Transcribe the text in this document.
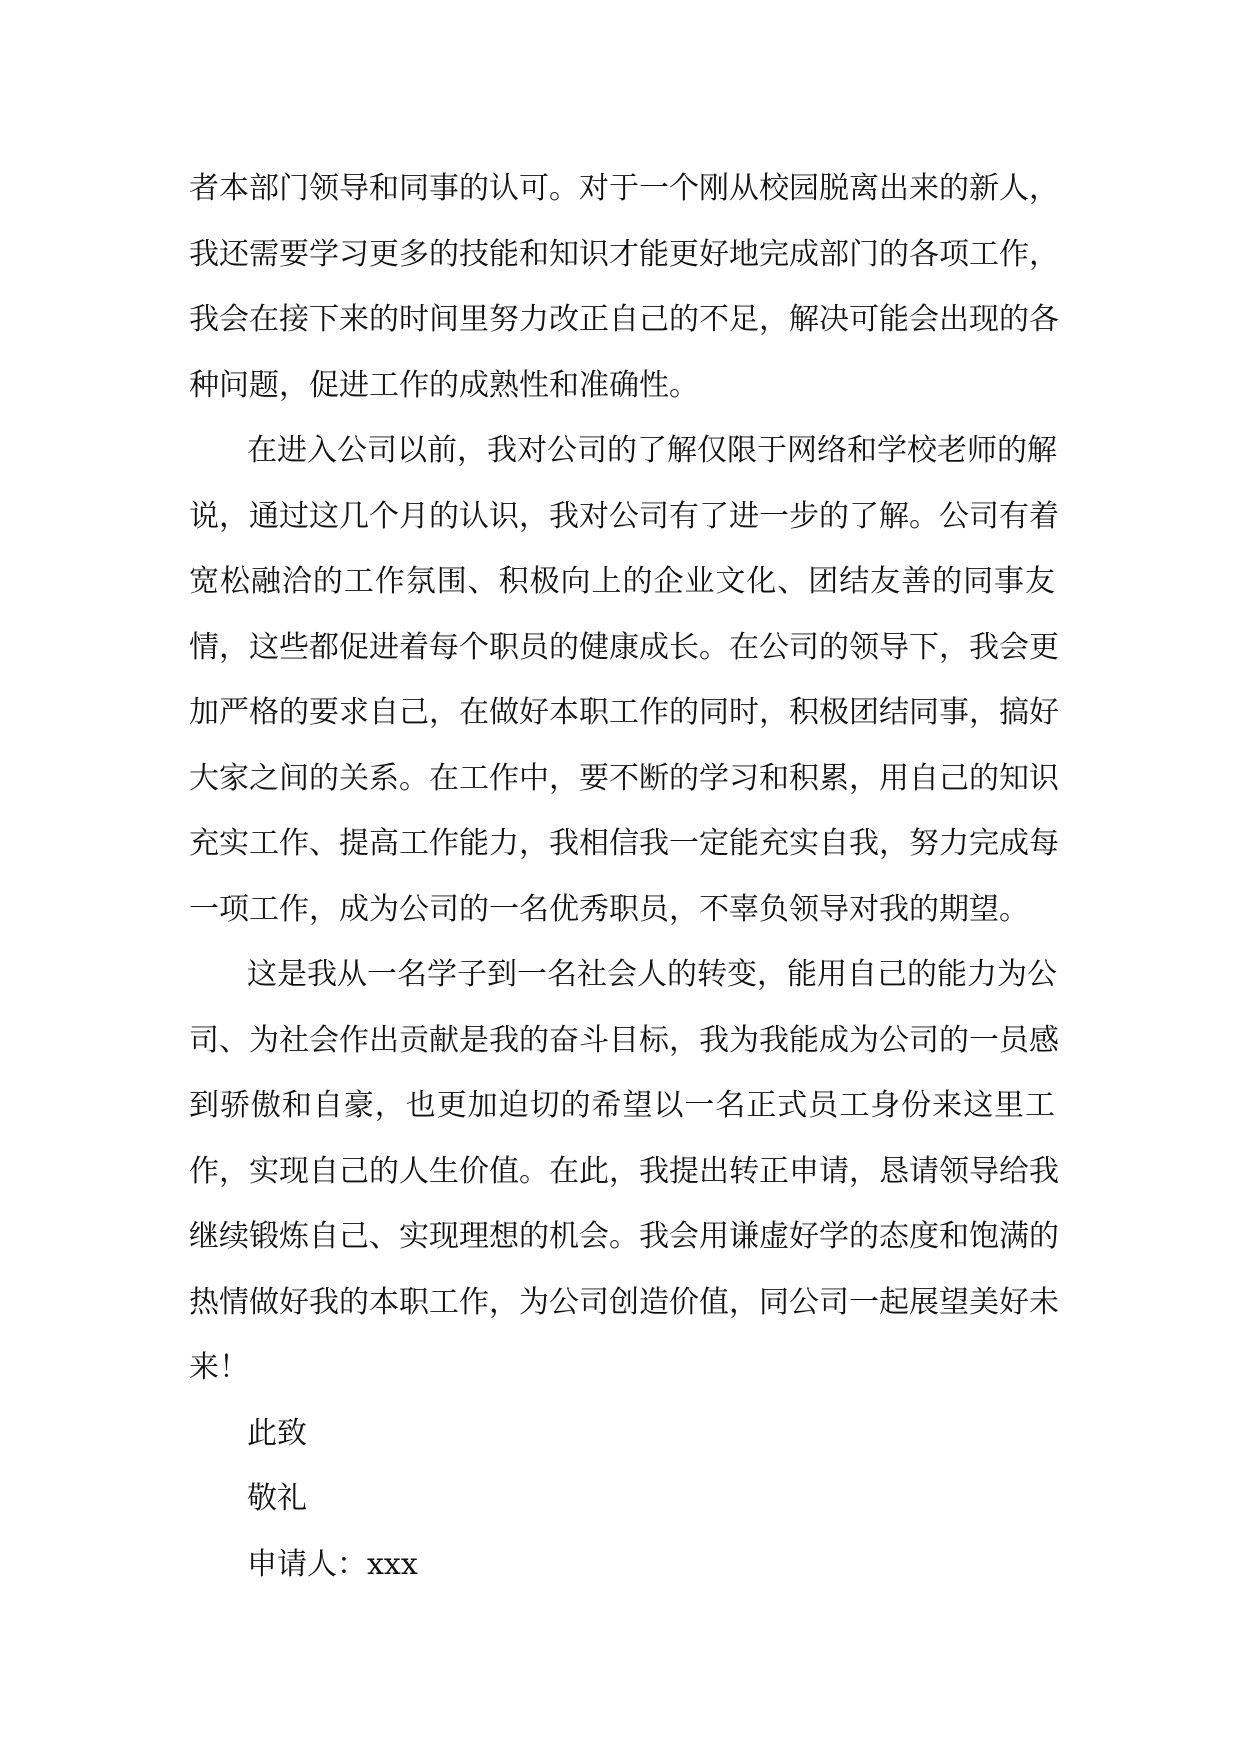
者本部门领导和同事的认可。对于一个刚从校园脱离出来的新人，
我还需要学习更多的技能和知识才能更好地完成部门的各项工作，
我会在接下来的时间里努力改正自己的不足，解决可能会出现的各
种问题，促进工作的成熟性和准确性。
在进入公司以前，我对公司的了解仅限于网络和学校老师的解
说，通过这几个月的认识，我对公司有了进一步的了解。公司有着
宽松融洽的工作氛围、积极向上的企业文化、团结友善的同事友
情，这些都促进着每个职员的健康成长。在公司的领导下，我会更
加严格的要求自己，在做好本职工作的同时，积极团结同事，搞好
大家之间的关系。在工作中，要不断的学习和积累，用自己的知识
充实工作、提高工作能力，我相信我一定能充实自我，努力完成每
一项工作，成为公司的一名优秀职员，不辜负领导对我的期望。
这是我从一名学子到一名社会人的转变，能用自己的能力为公
司、为社会作出贡献是我的奋斗目标，我为我能成为公司的一员感
到骄傲和自豪，也更加迫切的希望以一名正式员工身份来这里工
作，实现自己的人生价值。在此，我提出转正申请，恳请领导给我
继续锻炼自己、实现理想的机会。我会用谦虚好学的态度和饱满的
热情做好我的本职工作，为公司创造价值，同公司一起展望美好未
来！
此致
敬礼
申请人：xxx
